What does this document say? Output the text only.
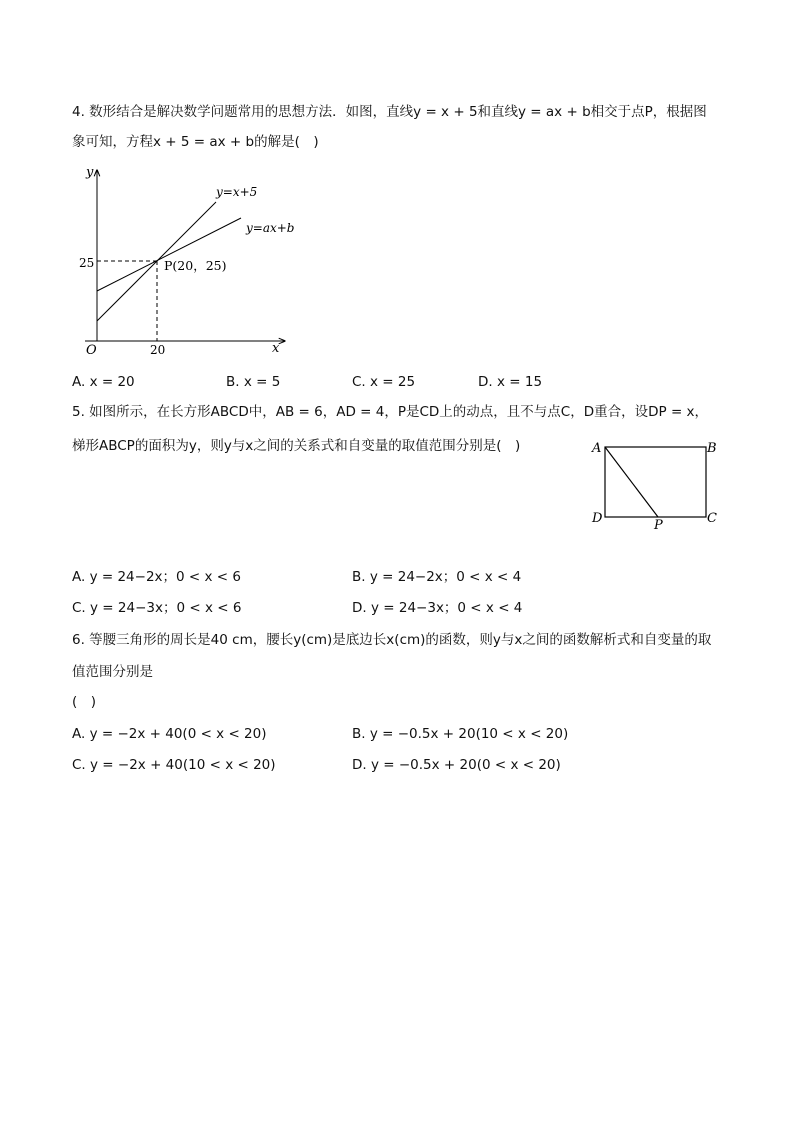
4. 数形结合是解决数学问题常用的思想方法．如图，直线y = x + 5和直线y = ax + b相交于点P，根据图
象可知，方程x + 5 = ax + b的解是(　)
y
x
O
25
20
y=x+5
y=ax+b
P(20，25)
A. x = 20	B. x = 5	C. x = 25	D. x = 15
5. 如图所示，在长方形ABCD中，AB = 6，AD = 4，P是CD上的动点，且不与点C，D重合，设DP = x，
梯形ABCP的面积为y，则y与x之间的关系式和自变量的取值范围分别是(　)	A	B
C
D	P
A. y = 24−2x；0 < x < 6	B. y = 24−2x；0 < x < 4
C. y = 24−3x；0 < x < 6	D. y = 24−3x；0 < x < 4
6. 等腰三角形的周长是40 cm，腰长y(cm)是底边长x(cm)的函数，则y与x之间的函数解析式和自变量的取
值范围分别是
(　)
A. y = −2x + 40(0 < x < 20)	B. y = −0.5x + 20(10 < x < 20)
C. y = −2x + 40(10 < x < 20)	D. y = −0.5x + 20(0 < x < 20)
